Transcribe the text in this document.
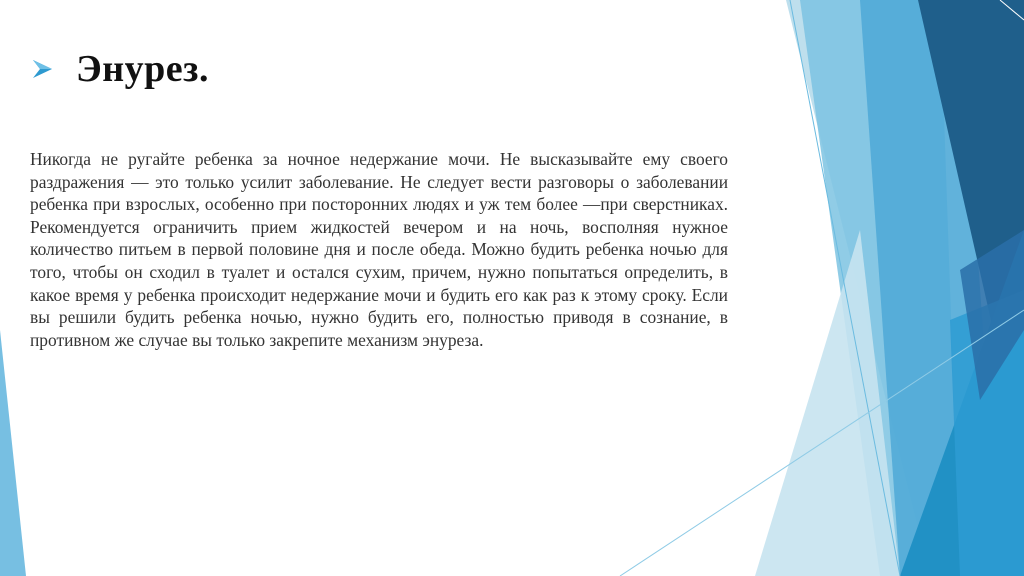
Энурез.

Никогда не ругайте ребенка за ночное недержание мочи. Не высказывайте ему своего раздражения — это только усилит заболевание. Не следует вести разговоры о заболевании ребенка при взрослых, особенно при посторонних людях и уж тем более —при сверстниках. Рекомендуется ограничить прием жидкостей вечером и на ночь, восполняя нужное количество питьем в первой половине дня и после обеда. Можно будить ребенка ночью для того, чтобы он сходил в туалет и остался сухим, причем, нужно попытаться определить, в какое время у ребенка происходит недержание мочи и будить его как раз к этому сроку. Если вы решили будить ребенка ночью, нужно будить его, полностью приводя в сознание, в противном же случае вы только закрепите механизм энуреза.
